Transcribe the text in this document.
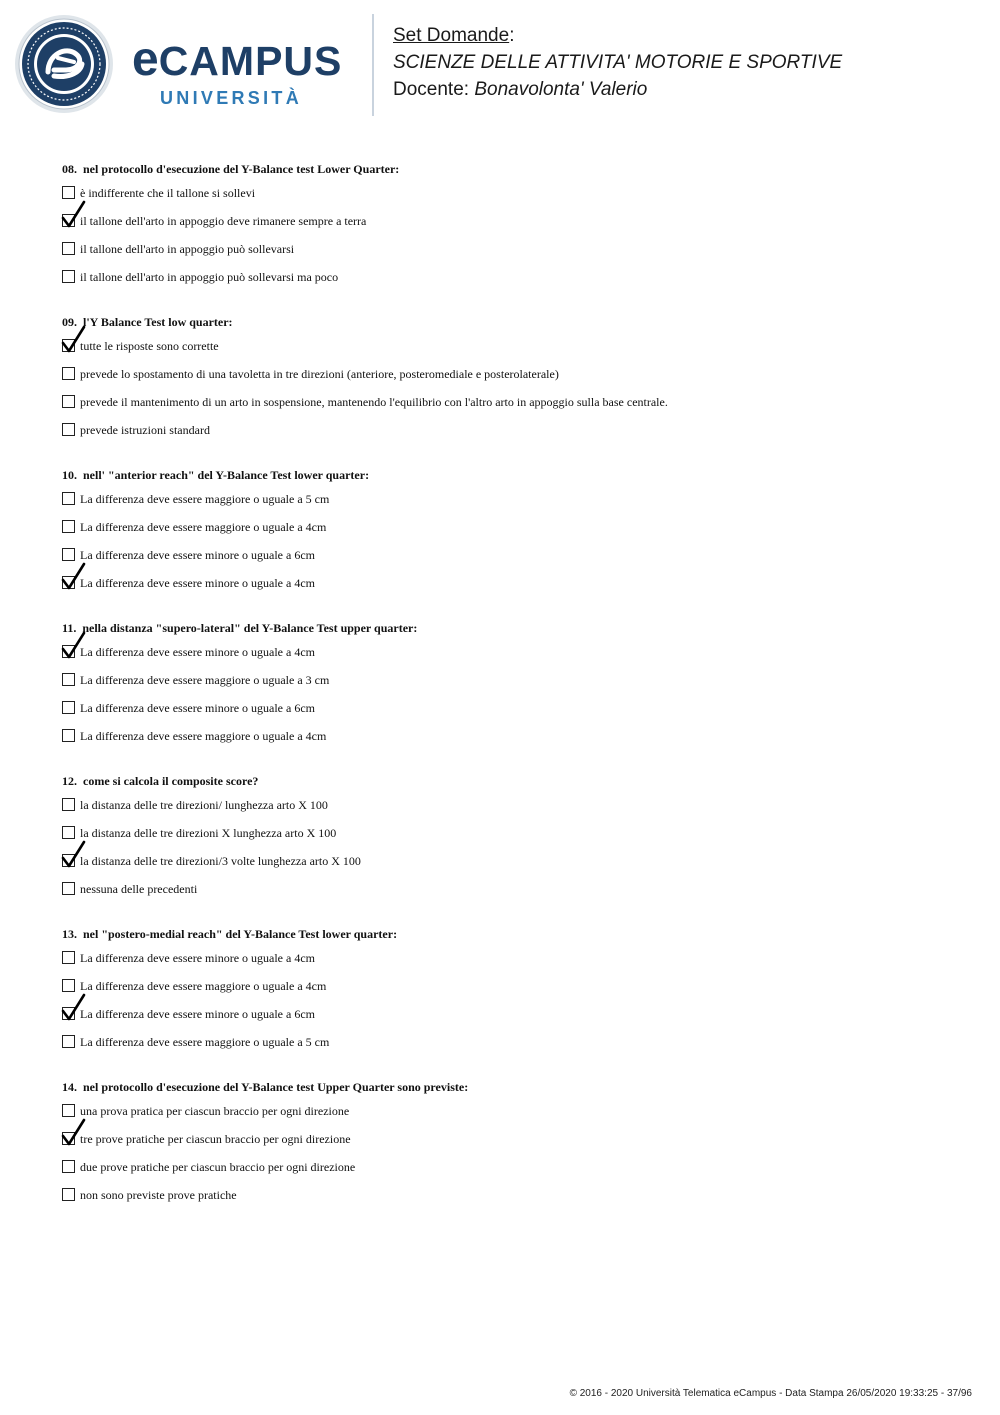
eCAMPUS
UNIVERSITÀ
Set Domande:
SCIENZE DELLE ATTIVITA' MOTORIE E SPORTIVE
Docente: Bonavolonta' Valerio
08. nel protocollo d'esecuzione del Y-Balance test Lower Quarter:
è indifferente che il tallone si sollevi
il tallone dell'arto in appoggio deve rimanere sempre a terra
il tallone dell'arto in appoggio può sollevarsi
il tallone dell'arto in appoggio può sollevarsi ma poco
09. l'Y Balance Test low quarter:
tutte le risposte sono corrette
prevede lo spostamento di una tavoletta in tre direzioni (anteriore, posteromediale e posterolaterale)
prevede il mantenimento di un arto in sospensione, mantenendo l'equilibrio con l'altro arto in appoggio sulla base centrale.
prevede istruzioni standard
10. nell' "anterior reach" del Y-Balance Test lower quarter:
La differenza deve essere maggiore o uguale a 5 cm
La differenza deve essere maggiore o uguale a 4cm
La differenza deve essere minore o uguale a 6cm
La differenza deve essere minore o uguale a 4cm
11. nella distanza "supero-lateral" del Y-Balance Test upper quarter:
La differenza deve essere minore o uguale a 4cm
La differenza deve essere maggiore o uguale a 3 cm
La differenza deve essere minore o uguale a 6cm
La differenza deve essere maggiore o uguale a 4cm
12. come si calcola il composite score?
la distanza delle tre direzioni/ lunghezza arto X 100
la distanza delle tre direzioni X lunghezza arto X 100
la distanza delle tre direzioni/3 volte lunghezza arto X 100
nessuna delle precedenti
13. nel "postero-medial reach" del Y-Balance Test lower quarter:
La differenza deve essere minore o uguale a 4cm
La differenza deve essere maggiore o uguale a 4cm
La differenza deve essere minore o uguale a 6cm
La differenza deve essere maggiore o uguale a 5 cm
14. nel protocollo d'esecuzione del Y-Balance test Upper Quarter sono previste:
una prova pratica per ciascun braccio per ogni direzione
tre prove pratiche per ciascun braccio per ogni direzione
due prove pratiche per ciascun braccio per ogni direzione
non sono previste prove pratiche
© 2016 - 2020 Università Telematica eCampus - Data Stampa 26/05/2020 19:33:25 - 37/96
